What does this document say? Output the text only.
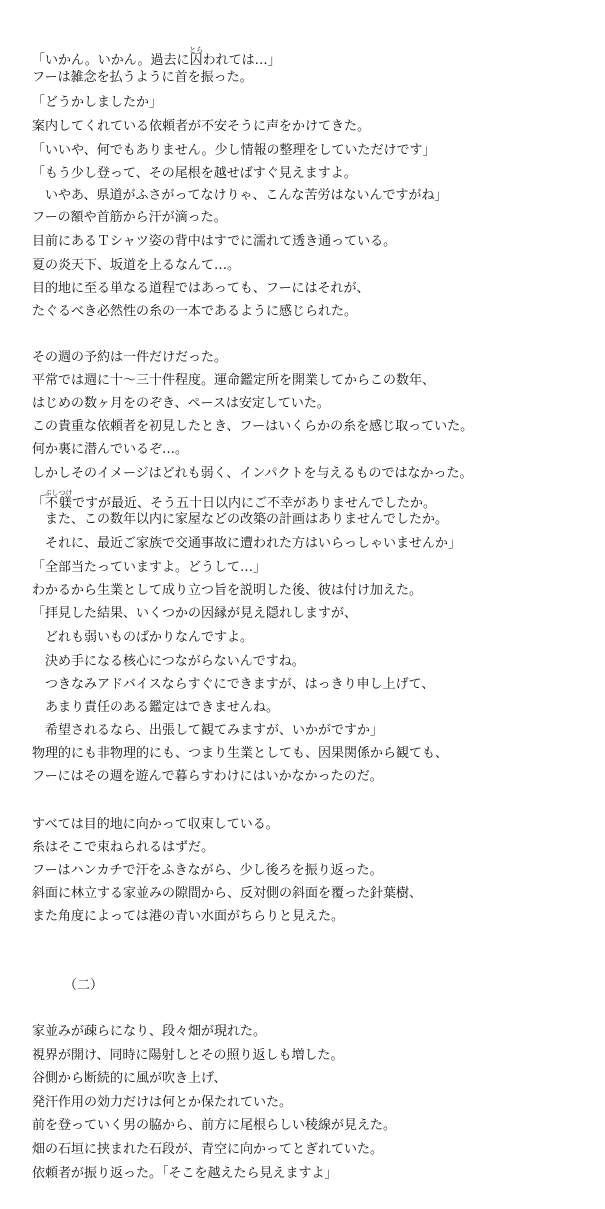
「いかん。いかん。過去に囚とらわれては…」
フーは雑念を払うように首を振った。
「どうかしましたか」
案内してくれている依頼者が不安そうに声をかけてきた。
「いいや、何でもありません。少し情報の整理をしていただけです」
「もう少し登って、その尾根を越せばすぐ見えますよ。
　いやあ、県道がふさがってなけりゃ、こんな苦労はないんですがね」
フーの額や首筋から汗が滴った。
目前にあるＴシャツ姿の背中はすでに濡れて透き通っている。
夏の炎天下、坂道を上るなんて…。
目的地に至る単なる道程ではあっても、フーにはそれが、
たぐるべき必然性の糸の一本であるように感じられた。
その週の予約は一件だけだった。
平常では週に十〜三十件程度。運命鑑定所を開業してからこの数年、
はじめの数ヶ月をのぞき、ペースは安定していた。
この貴重な依頼者を初見したとき、フーはいくらかの糸を感じ取っていた。
何か裏に潜んでいるぞ…。
しかしそのイメージはどれも弱く、インパクトを与えるものではなかった。
「不躾ぶしつけですが最近、そう五十日以内にご不幸がありませんでしたか。
　また、この数年以内に家屋などの改築の計画はありませんでしたか。
　それに、最近ご家族で交通事故に遭われた方はいらっしゃいませんか」
「全部当たっていますよ。どうして…」
わかるから生業として成り立つ旨を説明した後、彼は付け加えた。
「拝見した結果、いくつかの因縁が見え隠れしますが、
　どれも弱いものばかりなんですよ。
　決め手になる核心につながらないんですね。
　つきなみアドバイスならすぐにできますが、はっきり申し上げて、
　あまり責任のある鑑定はできませんね。
　希望されるなら、出張して観てみますが、いかがですか」
物理的にも非物理的にも、つまり生業としても、因果関係から観ても、
フーにはその週を遊んで暮らすわけにはいかなかったのだ。
すべては目的地に向かって収束している。
糸はそこで束ねられるはずだ。
フーはハンカチで汗をふきながら、少し後ろを振り返った。
斜面に林立する家並みの隙間から、反対側の斜面を覆った針葉樹、
また角度によっては港の青い水面がちらりと見えた。
（二）
家並みが疎らになり、段々畑が現れた。
視界が開け、同時に陽射しとその照り返しも増した。
谷側から断続的に風が吹き上げ、
発汗作用の効力だけは何とか保たれていた。
前を登っていく男の脇から、前方に尾根らしい稜線が見えた。
畑の石垣に挟まれた石段が、青空に向かってとぎれていた。
依頼者が振り返った。「そこを越えたら見えますよ」
